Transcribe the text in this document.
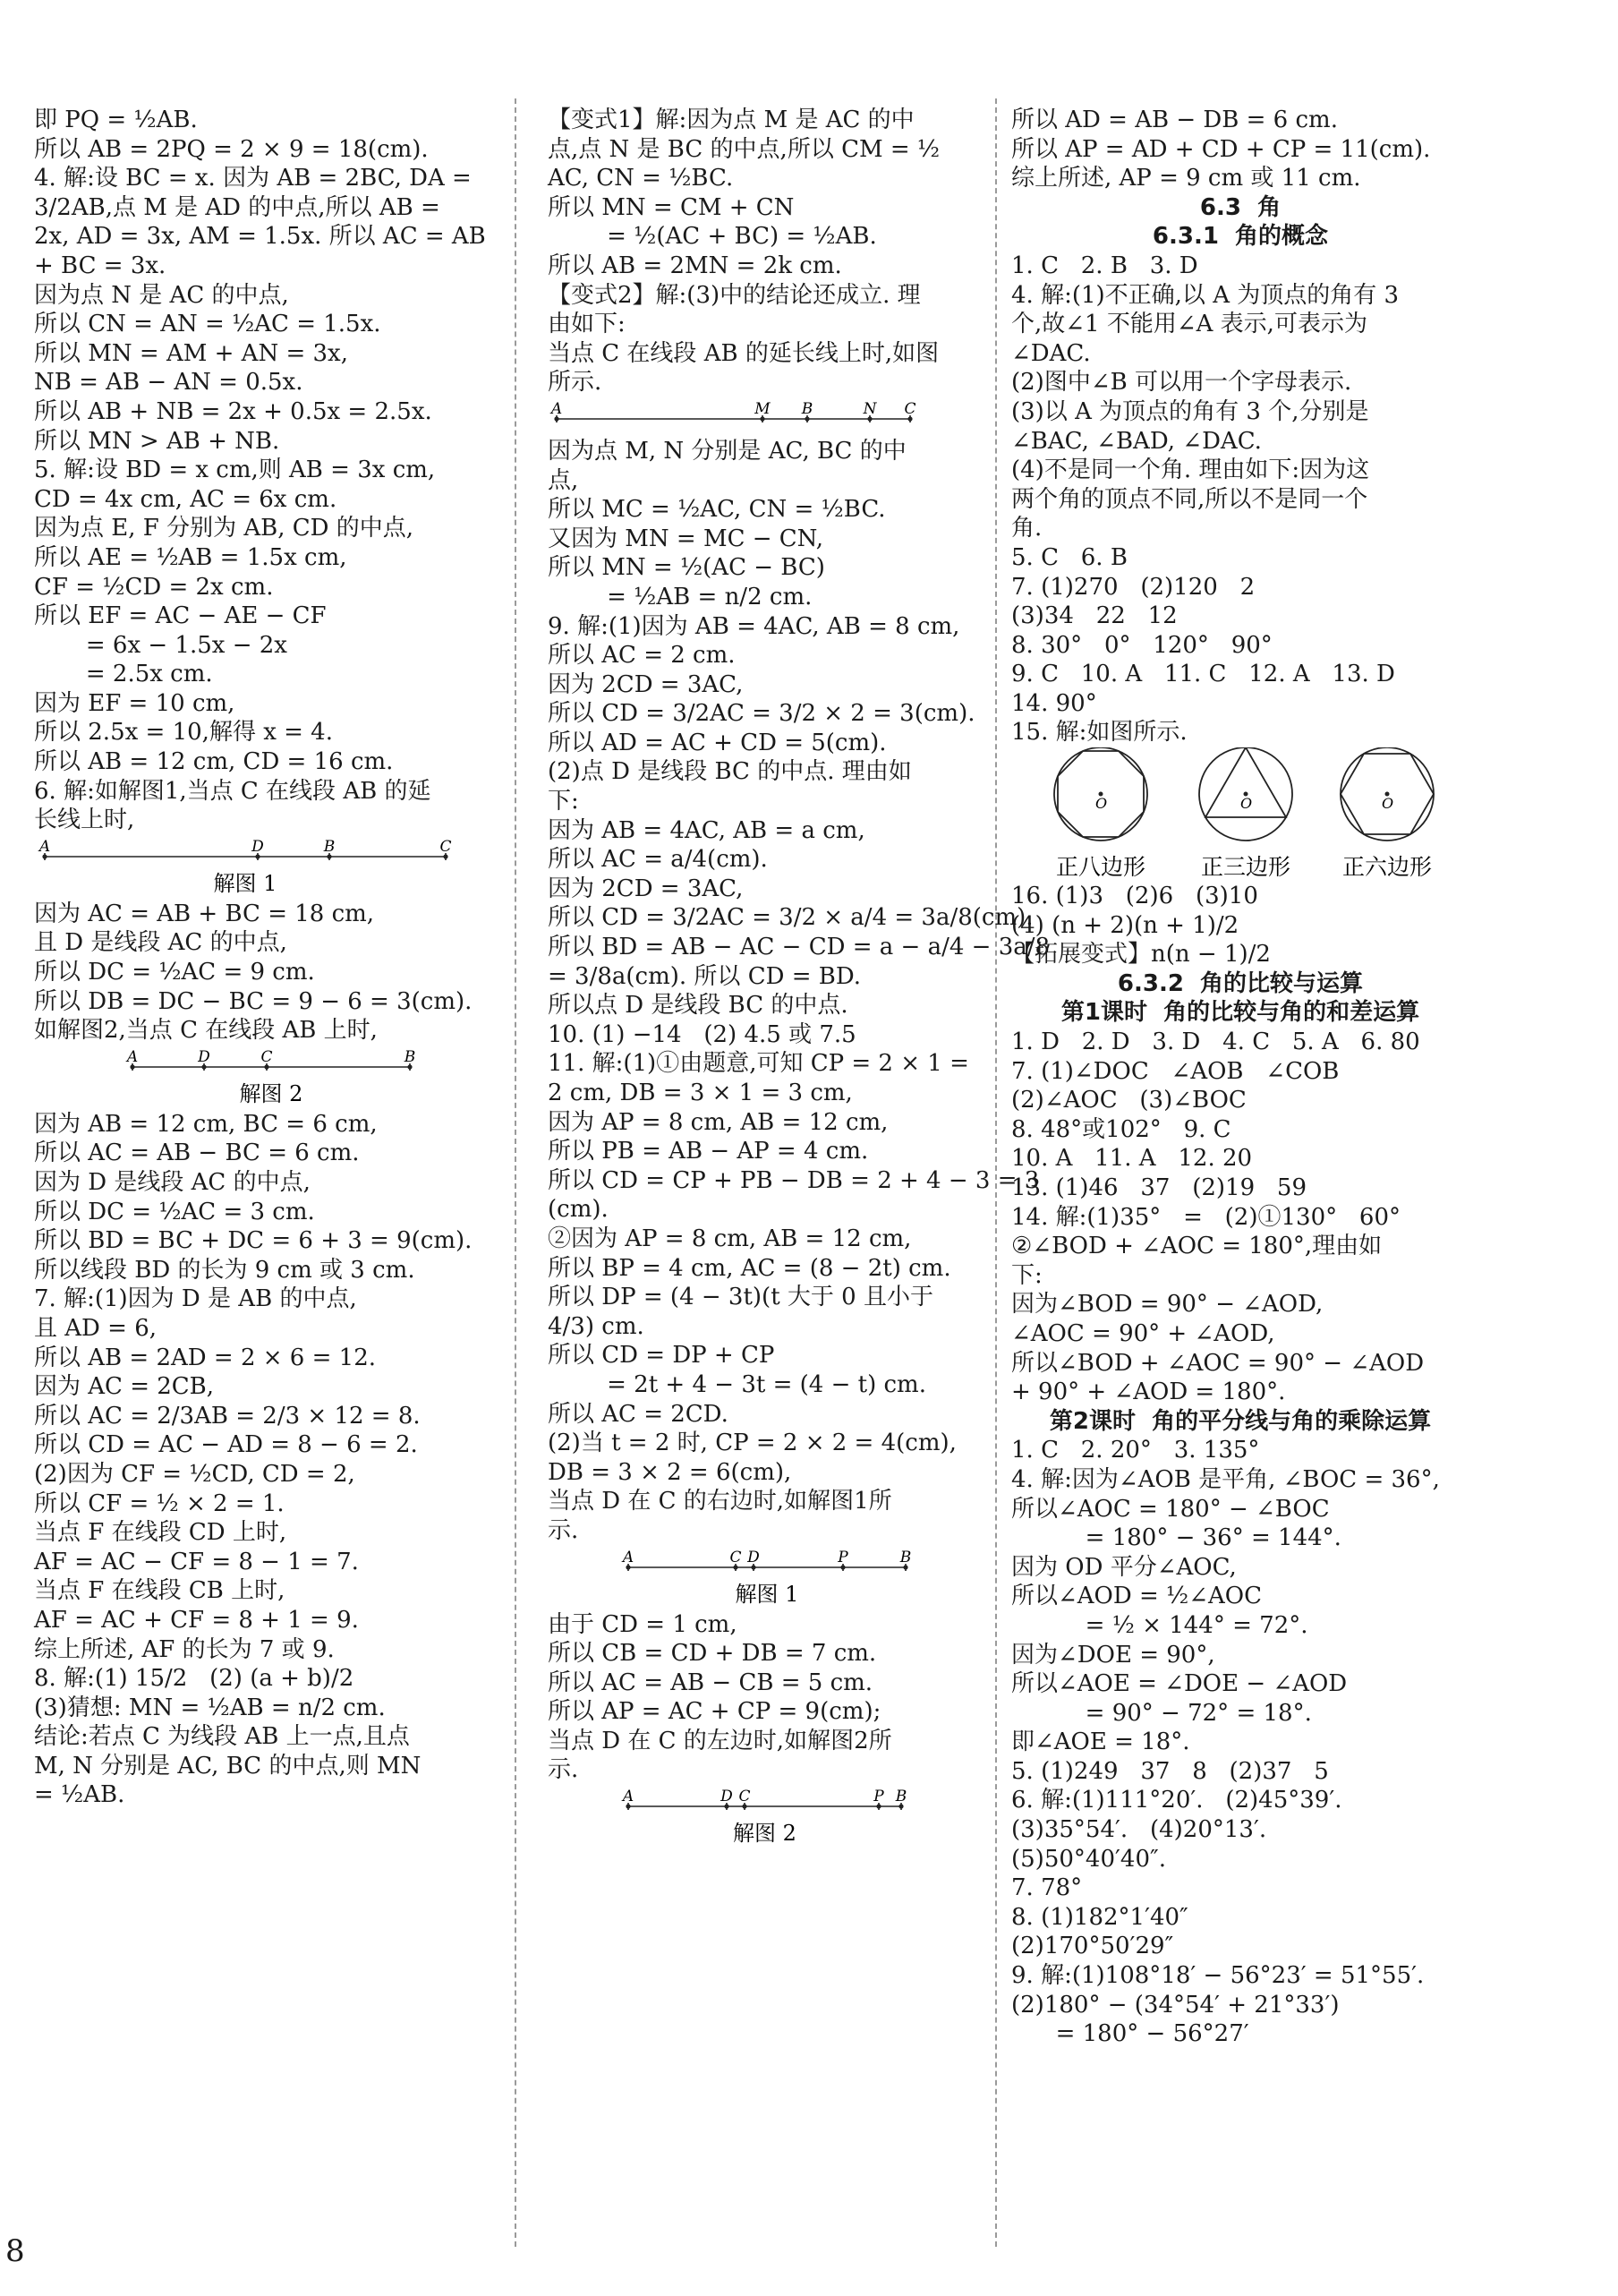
即 PQ = ½AB.
所以 AB = 2PQ = 2 × 9 = 18(cm).
4. 解:设 BC = x. 因为 AB = 2BC, DA =
3/2AB,点 M 是 AD 的中点,所以 AB =
2x, AD = 3x, AM = 1.5x. 所以 AC = AB
+ BC = 3x.
因为点 N 是 AC 的中点,
所以 CN = AN = ½AC = 1.5x.
所以 MN = AM + AN = 3x,
NB = AB − AN = 0.5x.
所以 AB + NB = 2x + 0.5x = 2.5x.
所以 MN > AB + NB.
5. 解:设 BD = x cm,则 AB = 3x cm,
CD = 4x cm, AC = 6x cm.
因为点 E, F 分别为 AB, CD 的中点,
所以 AE = ½AB = 1.5x cm,
CF = ½CD = 2x cm.
所以 EF = AC − AE − CF
= 6x − 1.5x − 2x
= 2.5x cm.
因为 EF = 10 cm,
所以 2.5x = 10,解得 x = 4.
所以 AB = 12 cm, CD = 16 cm.
6. 解:如解图1,当点 C 在线段 AB 的延
长线上时,
A	D	B	C
解图 1
因为 AC = AB + BC = 18 cm,
且 D 是线段 AC 的中点,
所以 DC = ½AC = 9 cm.
所以 DB = DC − BC = 9 − 6 = 3(cm).
如解图2,当点 C 在线段 AB 上时,
A	D	C	B
解图 2
因为 AB = 12 cm, BC = 6 cm,
所以 AC = AB − BC = 6 cm.
因为 D 是线段 AC 的中点,
所以 DC = ½AC = 3 cm.
所以 BD = BC + DC = 6 + 3 = 9(cm).
所以线段 BD 的长为 9 cm 或 3 cm.
7. 解:(1)因为 D 是 AB 的中点,
且 AD = 6,
所以 AB = 2AD = 2 × 6 = 12.
因为 AC = 2CB,
所以 AC = 2/3AB = 2/3 × 12 = 8.
所以 CD = AC − AD = 8 − 6 = 2.
(2)因为 CF = ½CD, CD = 2,
所以 CF = ½ × 2 = 1.
当点 F 在线段 CD 上时,
AF = AC − CF = 8 − 1 = 7.
当点 F 在线段 CB 上时,
AF = AC + CF = 8 + 1 = 9.
综上所述, AF 的长为 7 或 9.
8. 解:(1) 15/2   (2) (a + b)/2
(3)猜想: MN = ½AB = n/2 cm.
结论:若点 C 为线段 AB 上一点,且点
M, N 分别是 AC, BC 的中点,则 MN
= ½AB.
【变式1】解:因为点 M 是 AC 的中
点,点 N 是 BC 的中点,所以 CM = ½
AC, CN = ½BC.
所以 MN = CM + CN
= ½(AC + BC) = ½AB.
所以 AB = 2MN = 2k cm.
【变式2】解:(3)中的结论还成立. 理
由如下:
当点 C 在线段 AB 的延长线上时,如图
所示.
A	M B	N C
因为点 M, N 分别是 AC, BC 的中
点,
所以 MC = ½AC, CN = ½BC.
又因为 MN = MC − CN,
所以 MN = ½(AC − BC)
= ½AB = n/2 cm.
9. 解:(1)因为 AB = 4AC, AB = 8 cm,
所以 AC = 2 cm.
因为 2CD = 3AC,
所以 CD = 3/2AC = 3/2 × 2 = 3(cm).
所以 AD = AC + CD = 5(cm).
(2)点 D 是线段 BC 的中点. 理由如
下:
因为 AB = 4AC, AB = a cm,
所以 AC = a/4(cm).
因为 2CD = 3AC,
所以 CD = 3/2AC = 3/2 × a/4 = 3a/8(cm).
所以 BD = AB − AC − CD = a − a/4 − 3a/8
= 3/8a(cm). 所以 CD = BD.
所以点 D 是线段 BC 的中点.
10. (1) −14   (2) 4.5 或 7.5
11. 解:(1)①由题意,可知 CP = 2 × 1 =
2 cm, DB = 3 × 1 = 3 cm,
因为 AP = 8 cm, AB = 12 cm,
所以 PB = AB − AP = 4 cm.
所以 CD = CP + PB − DB = 2 + 4 − 3 = 3
(cm).
②因为 AP = 8 cm, AB = 12 cm,
所以 BP = 4 cm, AC = (8 − 2t) cm.
所以 DP = (4 − 3t)(t 大于 0 且小于
4/3) cm.
所以 CD = DP + CP
= 2t + 4 − 3t = (4 − t) cm.
所以 AC = 2CD.
(2)当 t = 2 时, CP = 2 × 2 = 4(cm),
DB = 3 × 2 = 6(cm),
当点 D 在 C 的右边时,如解图1所
示.
A	C D	P	B
解图 1
由于 CD = 1 cm,
所以 CB = CD + DB = 7 cm.
所以 AC = AB − CB = 5 cm.
所以 AP = AC + CP = 9(cm);
当点 D 在 C 的左边时,如解图2所
示.
A	D C	P B
解图 2
所以 AD = AB − DB = 6 cm.
所以 AP = AD + CD + CP = 11(cm).
综上所述, AP = 9 cm 或 11 cm.
6.3  角
6.3.1  角的概念
1. C   2. B   3. D
4. 解:(1)不正确,以 A 为顶点的角有 3
个,故∠1 不能用∠A 表示,可表示为
∠DAC.
(2)图中∠B 可以用一个字母表示.
(3)以 A 为顶点的角有 3 个,分别是
∠BAC, ∠BAD, ∠DAC.
(4)不是同一个角. 理由如下:因为这
两个角的顶点不同,所以不是同一个
角.
5. C   6. B
7. (1)270   (2)120   2
(3)34   22   12
8. 30°   0°   120°   90°
9. C   10. A   11. C   12. A   13. D
14. 90°
15. 解:如图所示.
O
正八边形
O
正三边形
O
正六边形
16. (1)3   (2)6   (3)10
(4) (n + 2)(n + 1)/2
【拓展变式】n(n − 1)/2
6.3.2  角的比较与运算
第1课时  角的比较与角的和差运算
1. D   2. D   3. D   4. C   5. A   6. 80
7. (1)∠DOC   ∠AOB   ∠COB
(2)∠AOC   (3)∠BOC
8. 48°或102°   9. C
10. A   11. A   12. 20
13. (1)46   37   (2)19   59
14. 解:(1)35°   =   (2)①130°   60°
②∠BOD + ∠AOC = 180°,理由如
下:
因为∠BOD = 90° − ∠AOD,
∠AOC = 90° + ∠AOD,
所以∠BOD + ∠AOC = 90° − ∠AOD
+ 90° + ∠AOD = 180°.
第2课时  角的平分线与角的乘除运算
1. C   2. 20°   3. 135°
4. 解:因为∠AOB 是平角, ∠BOC = 36°,
所以∠AOC = 180° − ∠BOC
= 180° − 36° = 144°.
因为 OD 平分∠AOC,
所以∠AOD = ½∠AOC
= ½ × 144° = 72°.
因为∠DOE = 90°,
所以∠AOE = ∠DOE − ∠AOD
= 90° − 72° = 18°.
即∠AOE = 18°.
5. (1)249   37   8   (2)37   5
6. 解:(1)111°20′.   (2)45°39′.
(3)35°54′.   (4)20°13′.
(5)50°40′40″.
7. 78°
8. (1)182°1′40″
(2)170°50′29″
9. 解:(1)108°18′ − 56°23′ = 51°55′.
(2)180° − (34°54′ + 21°33′)
= 180° − 56°27′
8
